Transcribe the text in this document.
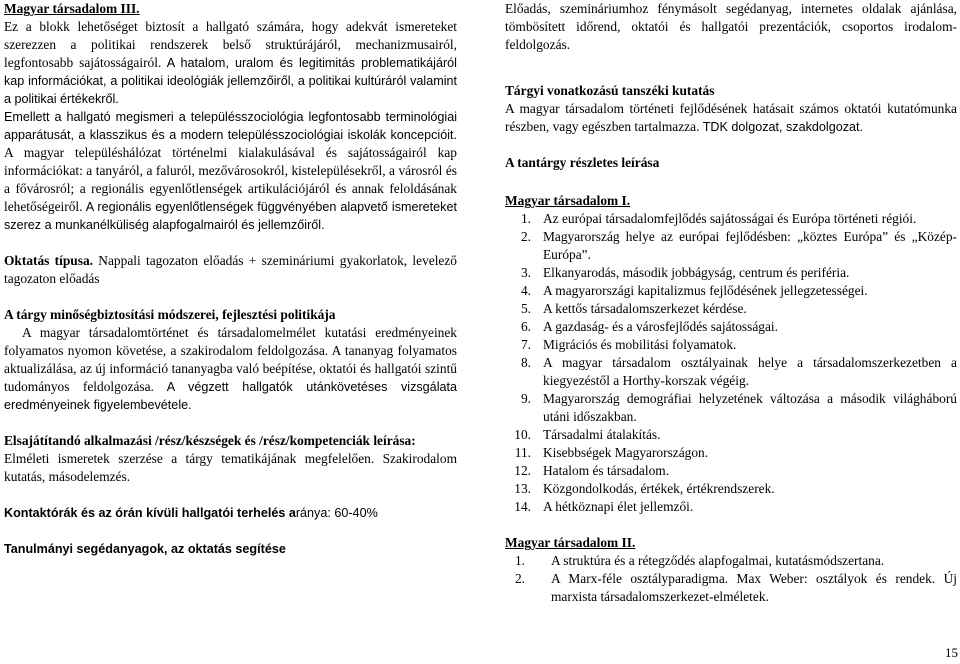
Magyar társadalom III.

Ez a blokk lehetőséget biztosít a hallgató számára, hogy adekvát ismereteket szerezzen a politikai rendszerek belső struktúrájáról, mechanizmusairól, legfontosabb sajátosságairól. A hatalom, uralom és legitimitás problematikájáról kap információkat, a politikai ideológiák jellemzőiről, a politikai kultúráról valamint a politikai értékekről.

Emellett a hallgató megismeri a településszociológia legfontosabb terminológiai apparátusát, a klasszikus és a modern településszociológiai iskolák koncepcióit. A magyar településhálózat történelmi kialakulásával és sajátosságairól kap információkat: a tanyáról, a faluról, mezővárosokról, kistelepülésekről, a városról és a fővárosról; a regionális egyenlőtlenségek artikulációjáról és annak feloldásának lehetőségeiről. A regionális egyenlőtlenségek függvényében alapvető ismereteket szerez a munkanélküliség alapfogalmairól és jellemzőiről.

Oktatás típusa. Nappali tagozaton előadás + szemináriumi gyakorlatok, levelező tagozaton előadás

A tárgy minőségbiztosítási módszerei, fejlesztési politikája

A magyar társadalomtörténet és társadalomelmélet kutatási eredményeinek folyamatos nyomon követése, a szakirodalom feldolgozása. A tananyag folyamatos aktualizálása, az új információ tananyagba való beépítése, oktatói és hallgatói szintű tudományos feldolgozása. A végzett hallgatók utánkövetéses vizsgálata eredményeinek figyelembevétele.

Elsajátítandó alkalmazási /rész/készségek és /rész/kompetenciák leírása:

Elméleti ismeretek szerzése a tárgy tematikájának megfelelően. Szakirodalom kutatás, másodelemzés.

Kontaktórák és az órán kívüli hallgatói terhelés aránya: 60-40%

Tanulmányi segédanyagok, az oktatás segítése

Előadás, szemináriumhoz fénymásolt segédanyag, internetes oldalak ajánlása, tömbösített időrend, oktatói és hallgatói prezentációk, csoportos irodalom-feldolgozás.

Tárgyi vonatkozású tanszéki kutatás

A magyar társadalom történeti fejlődésének hatásait számos oktatói kutatómunka részben, vagy egészben tartalmazza. TDK dolgozat, szakdolgozat.

A tantárgy részletes leírása

Magyar társadalom I.

1. Az európai társadalomfejlődés sajátosságai és Európa történeti régiói.
2. Magyarország helye az európai fejlődésben: „köztes Európa” és „Közép-Európa”.
3. Elkanyarodás, második jobbágyság, centrum és periféria.
4. A magyarországi kapitalizmus fejlődésének jellegzetességei.
5. A kettős társadalomszerkezet kérdése.
6. A gazdaság- és a városfejlődés sajátosságai.
7. Migrációs és mobilitási folyamatok.
8. A magyar társadalom osztályainak helye a társadalomszerkezetben a kiegyezéstől a Horthy-korszak végéig.
9. Magyarország demográfiai helyzetének változása a második világháború utáni időszakban.
10. Társadalmi átalakítás.
11. Kisebbségek Magyarországon.
12. Hatalom és társadalom.
13. Közgondolkodás, értékek, értékrendszerek.
14. A hétköznapi élet jellemzői.

Magyar társadalom II.

1. A struktúra és a rétegződés alapfogalmai, kutatásmódszertana.
2. A Marx-féle osztályparadigma. Max Weber: osztályok és rendek. Új marxista társadalomszerkezet-elméletek.
15
